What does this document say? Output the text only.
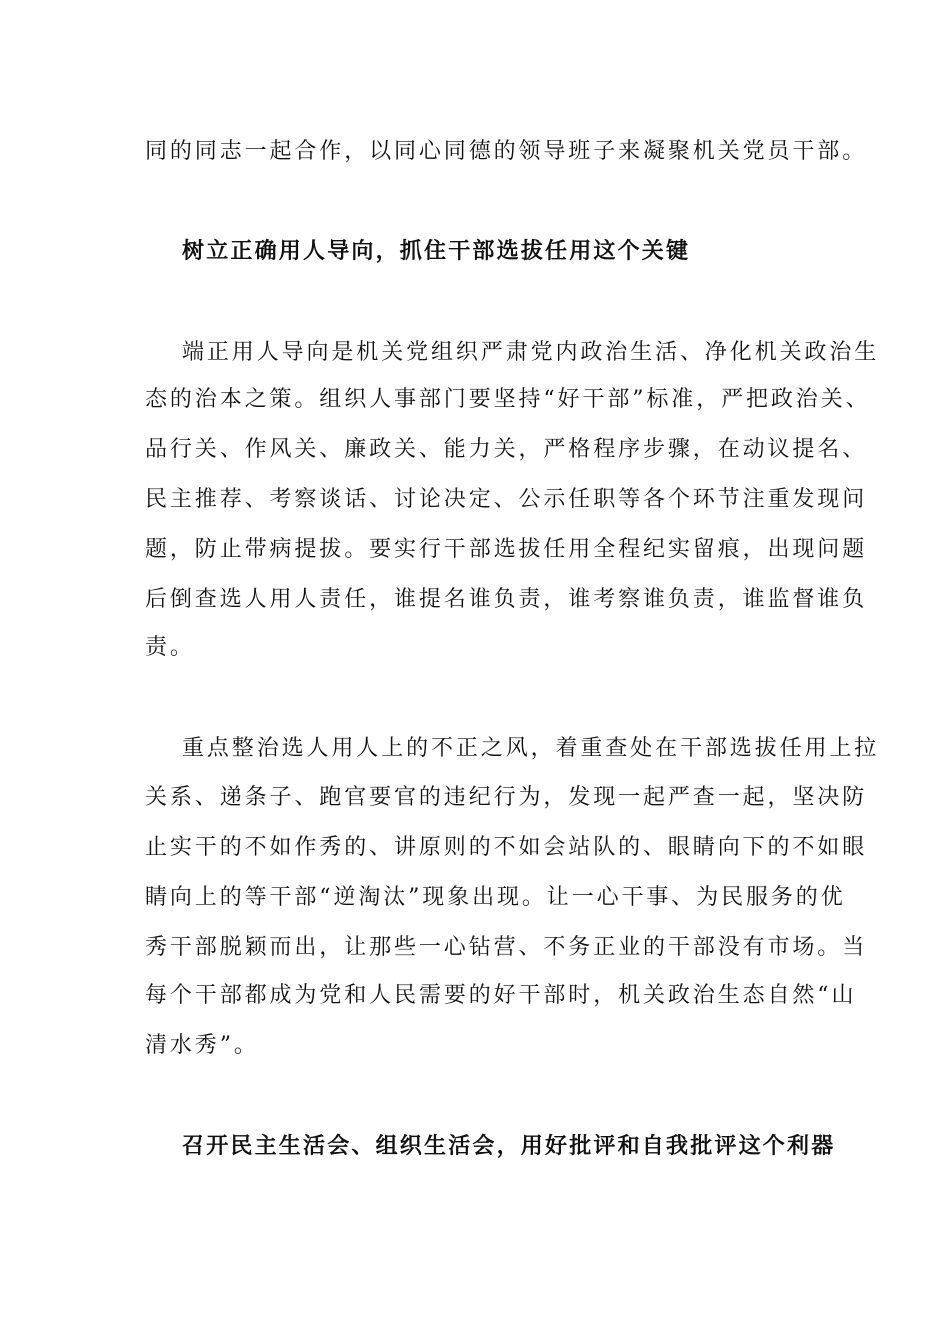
同的同志一起合作，以同心同德的领导班子来凝聚机关党员干部。
树立正确用人导向，抓住干部选拔任用这个关键
端正用人导向是机关党组织严肃党内政治生活、净化机关政治生
态的治本之策。组织人事部门要坚持“好干部”标准，严把政治关、
品行关、作风关、廉政关、能力关，严格程序步骤，在动议提名、
民主推荐、考察谈话、讨论决定、公示任职等各个环节注重发现问
题，防止带病提拔。要实行干部选拔任用全程纪实留痕，出现问题
后倒查选人用人责任，谁提名谁负责，谁考察谁负责，谁监督谁负
责。
重点整治选人用人上的不正之风，着重查处在干部选拔任用上拉
关系、递条子、跑官要官的违纪行为，发现一起严查一起，坚决防
止实干的不如作秀的、讲原则的不如会站队的、眼睛向下的不如眼
睛向上的等干部“逆淘汰”现象出现。让一心干事、为民服务的优
秀干部脱颖而出，让那些一心钻营、不务正业的干部没有市场。当
每个干部都成为党和人民需要的好干部时，机关政治生态自然“山
清水秀”。
召开民主生活会、组织生活会，用好批评和自我批评这个利器
